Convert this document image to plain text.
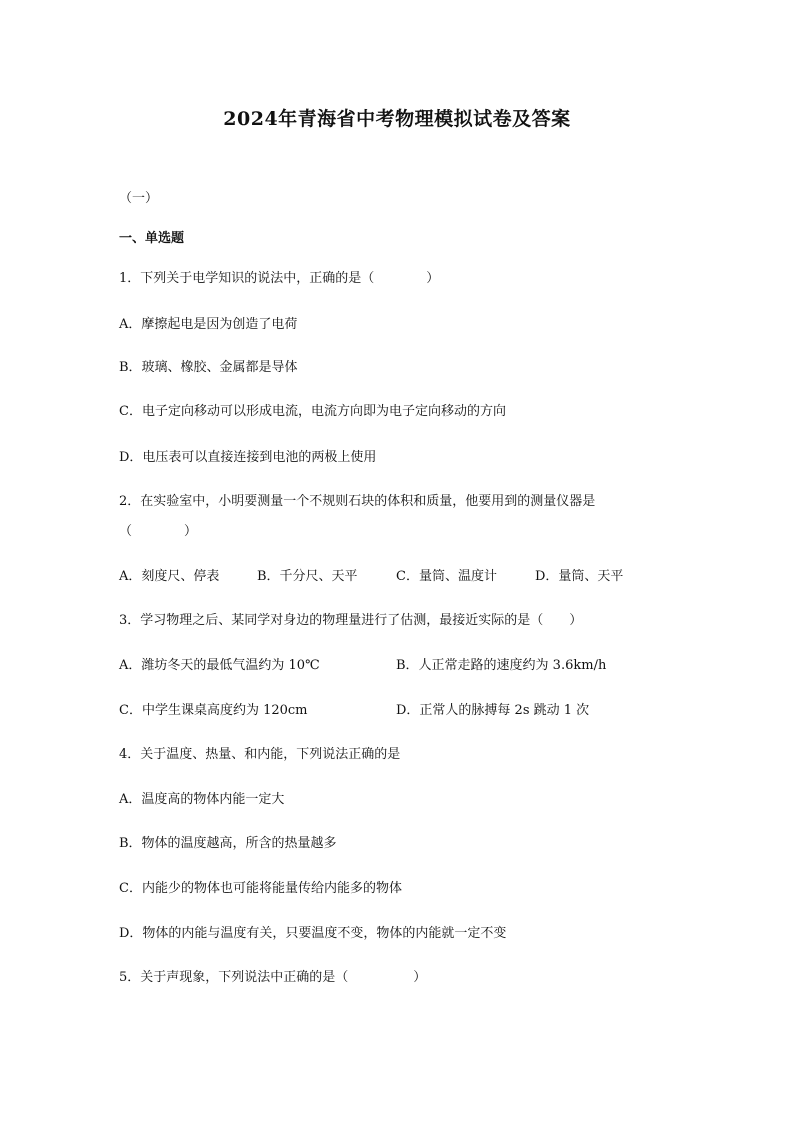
2024年青海省中考物理模拟试卷及答案
（一）
一、单选题
1．下列关于电学知识的说法中，正确的是（　　　　）
A．摩擦起电是因为创造了电荷
B．玻璃、橡胶、金属都是导体
C．电子定向移动可以形成电流，电流方向即为电子定向移动的方向
D．电压表可以直接连接到电池的两极上使用
2．在实验室中，小明要测量一个不规则石块的体积和质量，他要用到的测量仪器是
（　　　　）
A．刻度尺、停表	B．千分尺、天平	C．量筒、温度计	D．量筒、天平
3．学习物理之后、某同学对身边的物理量进行了估测，最接近实际的是（　　）
A．潍坊冬天的最低气温约为 10℃	B．人正常走路的速度约为 3.6km/h
C．中学生课桌高度约为 120cm	D．正常人的脉搏每 2s 跳动 1 次
4．关于温度、热量、和内能，下列说法正确的是
A．温度高的物体内能一定大
B．物体的温度越高，所含的热量越多
C．内能少的物体也可能将能量传给内能多的物体
D．物体的内能与温度有关，只要温度不变，物体的内能就一定不变
5．关于声现象，下列说法中正确的是（　　　　　）
